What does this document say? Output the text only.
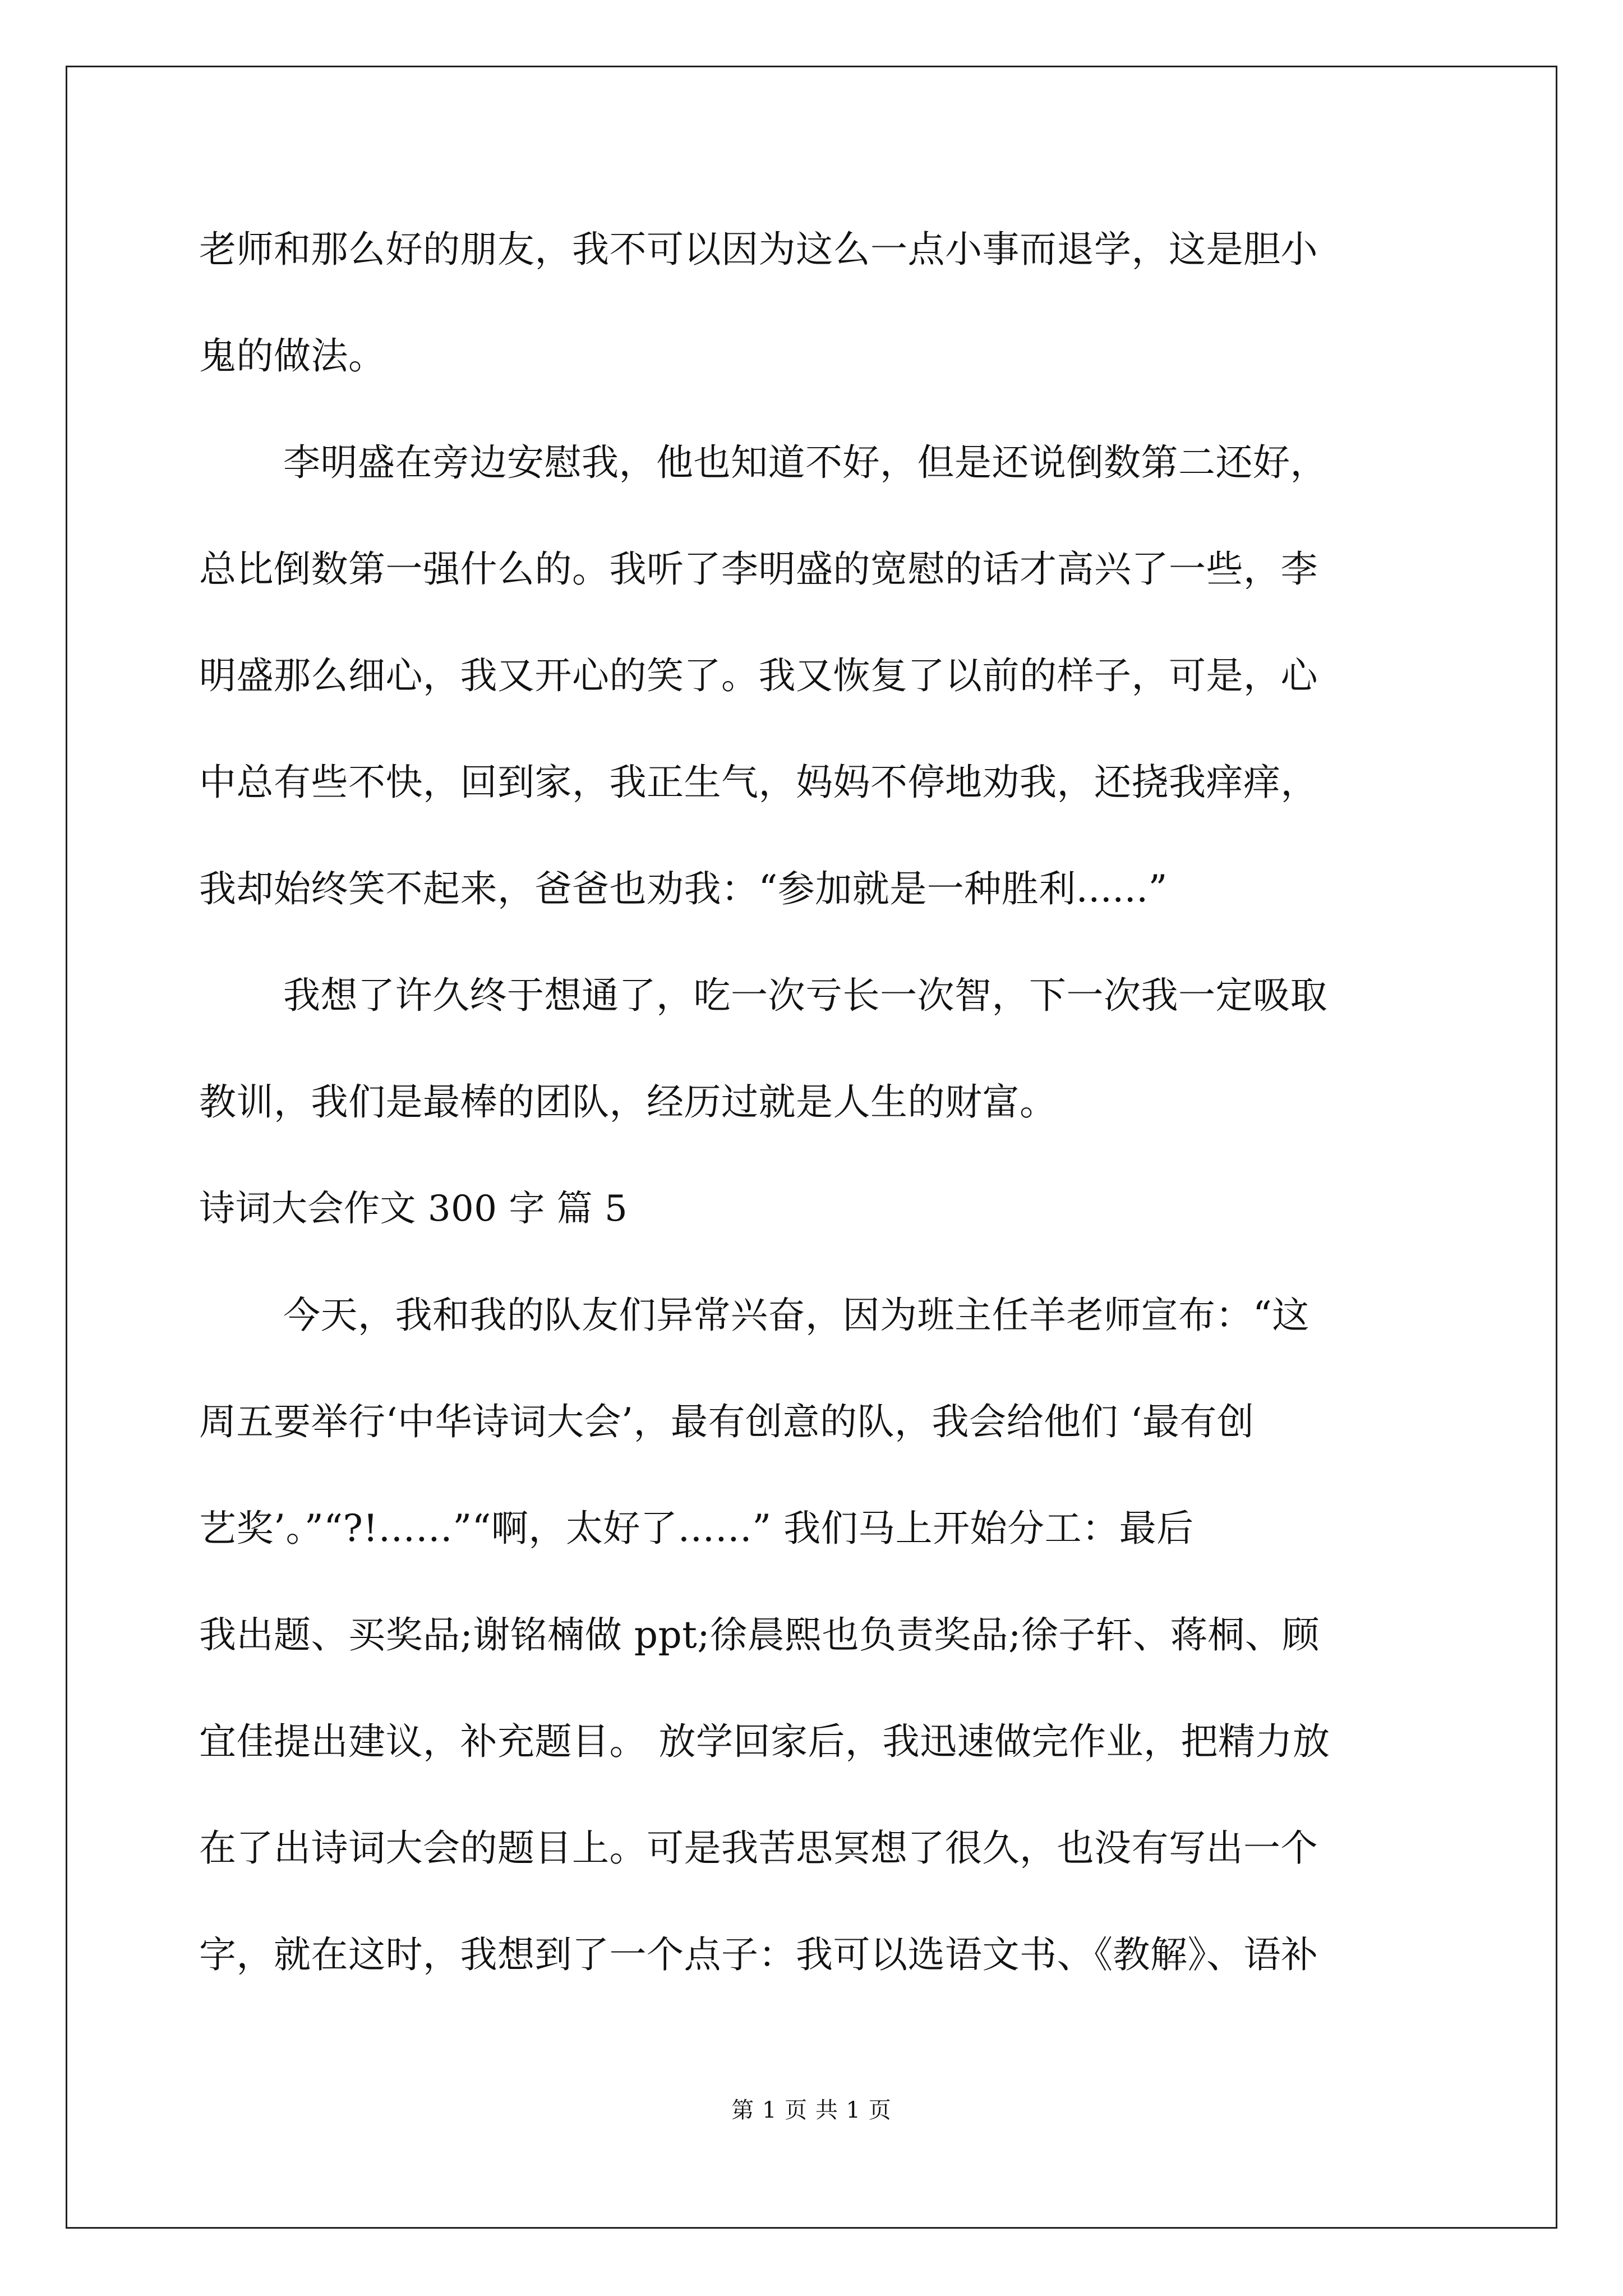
老师和那么好的朋友，我不可以因为这么一点小事而退学，这是胆小
鬼的做法。
李明盛在旁边安慰我，他也知道不好，但是还说倒数第二还好，
总比倒数第一强什么的。我听了李明盛的宽慰的话才高兴了一些，李
明盛那么细心，我又开心的笑了。我又恢复了以前的样子，可是，心
中总有些不快，回到家，我正生气，妈妈不停地劝我，还挠我痒痒，
我却始终笑不起来，爸爸也劝我：“参加就是一种胜利......”
我想了许久终于想通了，吃一次亏长一次智，下一次我一定吸取
教训，我们是最棒的团队，经历过就是人生的财富。
诗词大会作文 300 字 篇 5
今天，我和我的队友们异常兴奋，因为班主任羊老师宣布：“这
周五要举行‘中华诗词大会’，最有创意的队，我会给他们 ‘最有创
艺奖’。”“?!……”“啊，太好了……” 我们马上开始分工：最后
我出题、买奖品;谢铭楠做 ppt;徐晨熙也负责奖品;徐子轩、蒋桐、顾
宜佳提出建议，补充题目。 放学回家后，我迅速做完作业，把精力放
在了出诗词大会的题目上。可是我苦思冥想了很久，也没有写出一个
字，就在这时，我想到了一个点子：我可以选语文书、《教解》、语补
第 1 页 共 1 页
